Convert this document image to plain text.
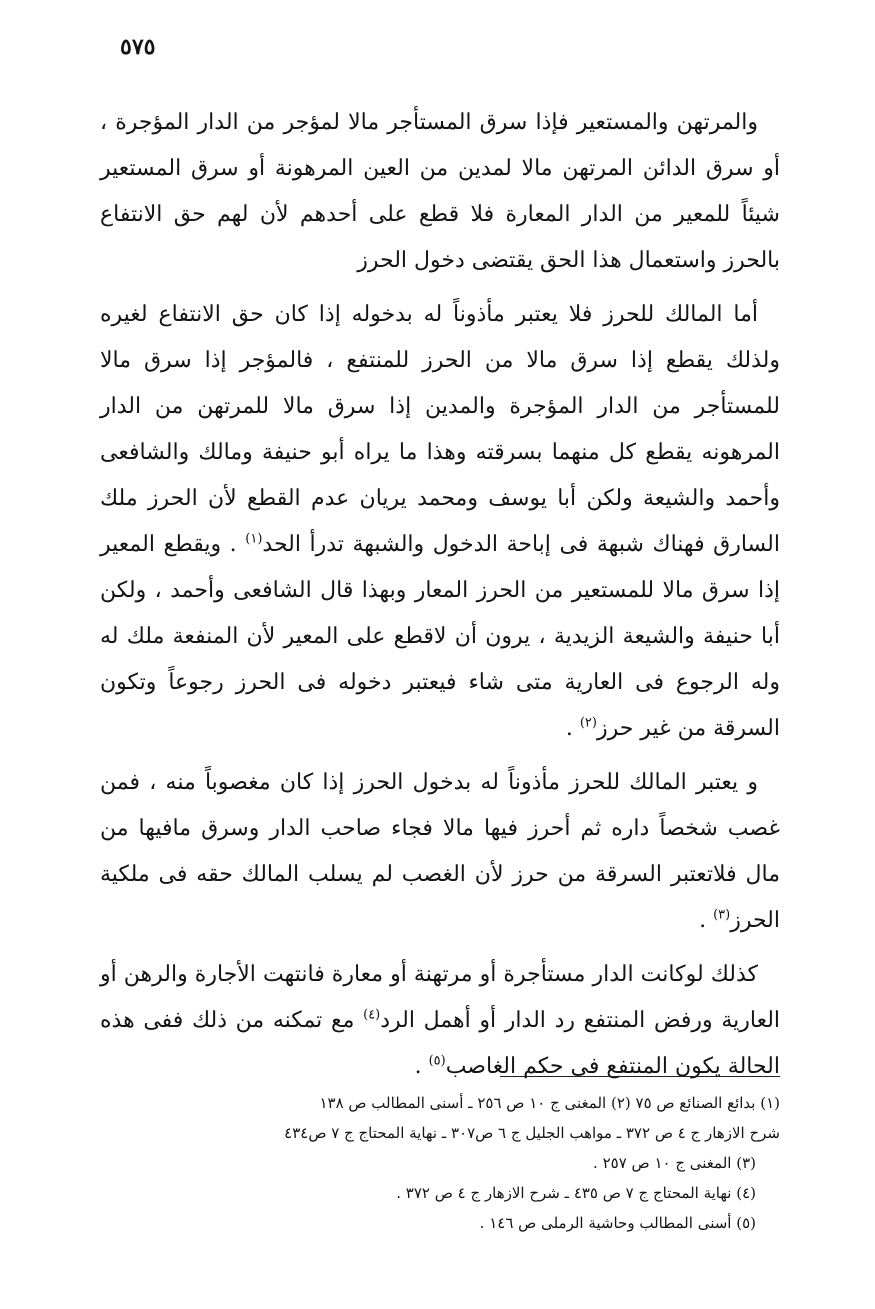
٥٧٥

والمرتهن والمستعير فإذا سرق المستأجر مالا لمؤجر من الدار المؤجرة ، أو سرق الدائن المرتهن مالا لمدين من العين المرهونة أو سرق المستعير شيئاً للمعير من الدار المعارة فلا قطع على أحدهم لأن لهم حق الانتفاع بالحرز واستعمال هذا الحق يقتضى دخول الحرز

أما المالك للحرز فلا يعتبر مأذوناً له بدخوله إذا كان حق الانتفاع لغيره ولذلك يقطع إذا سرق مالا من الحرز للمنتفع ، فالمؤجر إذا سرق مالا للمستأجر من الدار المؤجرة والمدين إذا سرق مالا للمرتهن من الدار المرهونه يقطع كل منهما بسرقته وهذا ما يراه أبو حنيفة ومالك والشافعى وأحمد والشيعة ولكن أبا يوسف ومحمد يريان عدم القطع لأن الحرز ملك السارق فهناك شبهة فى إباحة الدخول والشبهة تدرأ الحد$^{(١)}$ . ويقطع المعير إذا سرق مالا للمستعير من الحرز المعار وبهذا قال الشافعى وأحمد ، ولكن أبا حنيفة والشيعة الزيدية ، يرون أن لاقطع على المعير لأن المنفعة ملك له وله الرجوع فى العارية متى شاء فيعتبر دخوله فى الحرز رجوعاً وتكون السرقة من غير حرز$^{(٢)}$ .

و يعتبر المالك للحرز مأذوناً له بدخول الحرز إذا كان مغصوباً منه ، فمن غصب شخصاً داره ثم أحرز فيها مالا فجاء صاحب الدار وسرق مافيها من مال فلاتعتبر السرقة من حرز لأن الغصب لم يسلب المالك حقه فى ملكية الحرز$^{(٣)}$ .

كذلك لوكانت الدار مستأجرة أو مرتهنة أو معارة فانتهت الأجارة والرهن أو العارية ورفض المنتفع رد الدار أو أهمل الرد$^{(٤)}$ مع تمكنه من ذلك ففى هذه الحالة يكون المنتفع فى حكم الغاصب$^{(٥)}$ .

(١) بدائع الصنائع ص ٧٥ (٢) المغنى ج ١٠ ص ٢٥٦ ـ أسنى المطالب ص ١٣٨

شرح الازهار ج ٤ ص ٣٧٢ ـ مواهب الجليل ج ٦ ص٣٠٧ ـ نهاية المحتاج ج ٧ ص٤٣٤

(٣) المغنى ج ١٠ ص ٢٥٧ .

(٤) نهاية المحتاج ج ٧ ص ٤٣٥ ـ شرح الازهار ج ٤ ص ٣٧٢ .

(٥) أسنى المطالب وحاشية الرملى ص ١٤٦ .
